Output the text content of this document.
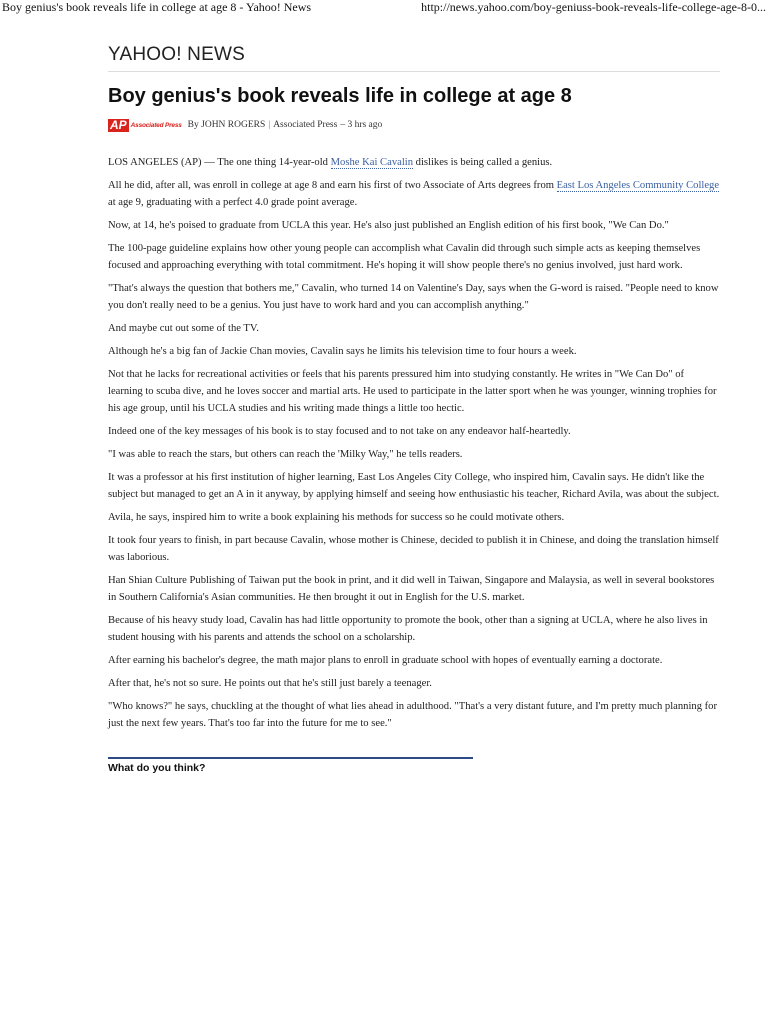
Boy genius's book reveals life in college at age 8 - Yahoo! News	http://news.yahoo.com/boy-geniuss-book-reveals-life-college-age-8-0...
YAHOO! NEWS
Boy genius's book reveals life in college at age 8
AP Associated Press By JOHN ROGERS | Associated Press – 3 hrs ago

LOS ANGELES (AP) — The one thing 14-year-old Moshe Kai Cavalin dislikes is being called a genius.

All he did, after all, was enroll in college at age 8 and earn his first of two Associate of Arts degrees from East Los Angeles Community College at age 9, graduating with a perfect 4.0 grade point average.

Now, at 14, he's poised to graduate from UCLA this year. He's also just published an English edition of his first book, "We Can Do."

The 100-page guideline explains how other young people can accomplish what Cavalin did through such simple acts as keeping themselves focused and approaching everything with total commitment. He's hoping it will show people there's no genius involved, just hard work.

"That's always the question that bothers me," Cavalin, who turned 14 on Valentine's Day, says when the G-word is raised. "People need to know you don't really need to be a genius. You just have to work hard and you can accomplish anything."

And maybe cut out some of the TV.

Although he's a big fan of Jackie Chan movies, Cavalin says he limits his television time to four hours a week.

Not that he lacks for recreational activities or feels that his parents pressured him into studying constantly. He writes in "We Can Do" of learning to scuba dive, and he loves soccer and martial arts. He used to participate in the latter sport when he was younger, winning trophies for his age group, until his UCLA studies and his writing made things a little too hectic.

Indeed one of the key messages of his book is to stay focused and to not take on any endeavor half-heartedly.

"I was able to reach the stars, but others can reach the 'Milky Way," he tells readers.

It was a professor at his first institution of higher learning, East Los Angeles City College, who inspired him, Cavalin says. He didn't like the subject but managed to get an A in it anyway, by applying himself and seeing how enthusiastic his teacher, Richard Avila, was about the subject.

Avila, he says, inspired him to write a book explaining his methods for success so he could motivate others.

It took four years to finish, in part because Cavalin, whose mother is Chinese, decided to publish it in Chinese, and doing the translation himself was laborious.

Han Shian Culture Publishing of Taiwan put the book in print, and it did well in Taiwan, Singapore and Malaysia, as well in several bookstores in Southern California's Asian communities. He then brought it out in English for the U.S. market.

Because of his heavy study load, Cavalin has had little opportunity to promote the book, other than a signing at UCLA, where he also lives in student housing with his parents and attends the school on a scholarship.

After earning his bachelor's degree, the math major plans to enroll in graduate school with hopes of eventually earning a doctorate.

After that, he's not so sure. He points out that he's still just barely a teenager.

"Who knows?" he says, chuckling at the thought of what lies ahead in adulthood. "That's a very distant future, and I'm pretty much planning for just the next few years. That's too far into the future for me to see."

What do you think?
